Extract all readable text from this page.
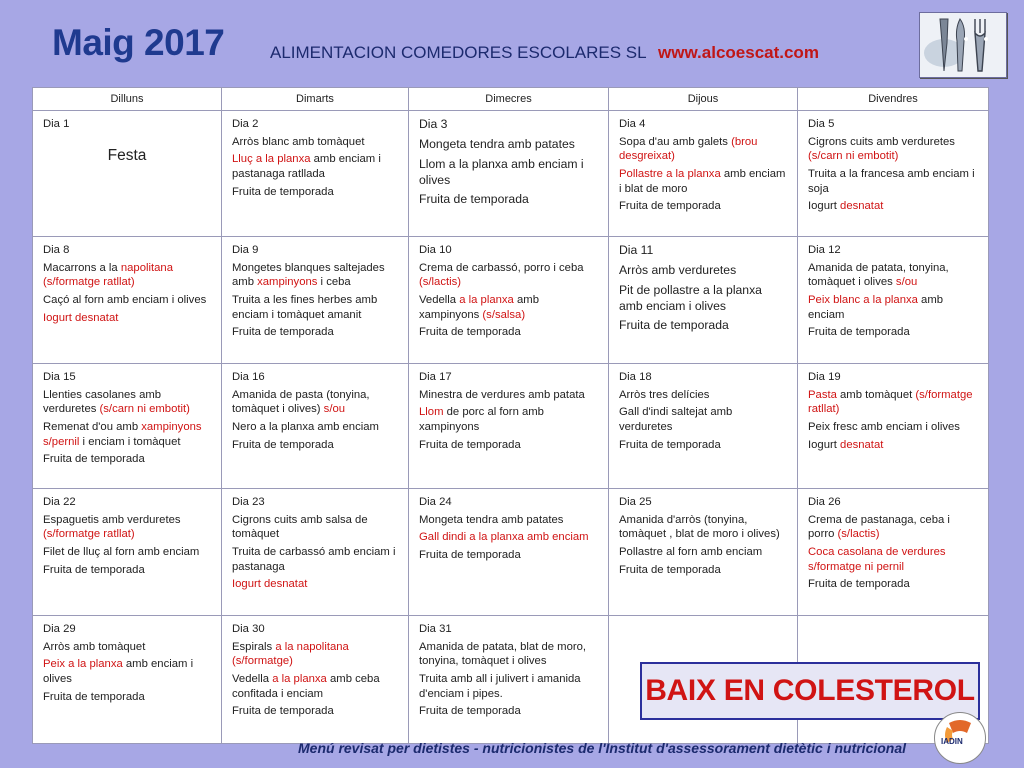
Maig 2017	ALIMENTACION COMEDORES ESCOLARES SL www.alcoescat.com
Dilluns	Dimarts	Dimecres	Dijous	Divendres

Dia 1
Festa	Dia 2
Arròs blanc amb tomàquet
Lluç a la planxa amb enciam i pastanaga ratllada
Fruita de temporada	Dia 3
Mongeta tendra amb patates
Llom a la planxa amb enciam i olives
Fruita de temporada	Dia 4
Sopa d'au amb galets (brou desgreixat)
Pollastre a la planxa amb enciam i blat de moro
Fruita de temporada	Dia 5
Cigrons cuits amb verduretes (s/carn ni embotit)
Truita a la francesa amb enciam i soja
Iogurt desnatat

Dia 8
Macarrons a la napolitana (s/formatge ratllat)
Caçó al forn amb enciam i olives
Iogurt desnatat	Dia 9
Mongetes blanques saltejades amb xampinyons i ceba
Truita a les fines herbes amb enciam i tomàquet amanit
Fruita de temporada	Dia 10
Crema de carbassó, porro i ceba (s/lactis)
Vedella a la planxa amb xampinyons (s/salsa)
Fruita de temporada	Dia 11
Arròs amb verduretes
Pit de pollastre a la planxa amb enciam i olives
Fruita de temporada	Dia 12
Amanida de patata, tonyina, tomàquet i olives s/ou
Peix blanc a la planxa amb enciam
Fruita de temporada

Dia 15
Llenties casolanes amb verduretes (s/carn ni embotit)
Remenat d'ou amb xampinyons s/pernil i enciam i tomàquet
Fruita de temporada	Dia 16
Amanida de pasta (tonyina, tomàquet i olives) s/ou
Nero a la planxa amb enciam
Fruita de temporada	Dia 17
Minestra de verdures amb patata
Llom de porc al forn amb xampinyons
Fruita de temporada	Dia 18
Arròs tres delícies
Gall d'indi saltejat amb verduretes
Fruita de temporada	Dia 19
Pasta amb tomàquet (s/formatge ratllat)
Peix fresc amb enciam i olives
Iogurt desnatat

Dia 22
Espaguetis amb verduretes (s/formatge ratllat)
Filet de lluç al forn amb enciam
Fruita de temporada	Dia 23
Cigrons cuits amb salsa de tomàquet
Truita de carbassó amb enciam i pastanaga
Iogurt desnatat	Dia 24
Mongeta tendra amb patates
Gall dindi a la planxa amb enciam
Fruita de temporada	Dia 25
Amanida d'arròs (tonyina, tomàquet , blat de moro i olives)
Pollastre al forn amb enciam
Fruita de temporada	Dia 26
Crema de pastanaga, ceba i porro (s/lactis)
Coca casolana de verdures s/formatge ni pernil
Fruita de temporada

Dia 29
Arròs amb tomàquet
Peix a la planxa amb enciam i olives
Fruita de temporada	Dia 30
Espirals a la napolitana (s/formatge)
Vedella a la planxa amb ceba confitada i enciam
Fruita de temporada	Dia 31
Amanida de patata, blat de moro, tonyina, tomàquet i olives
Truita amb all i julivert i amanida d'enciam i pipes.
Fruita de temporada		

BAIX EN COLESTEROL
Menú revisat per dietistes - nutricionistes de l'Institut d'assessorament dietètic i nutricional	IADIN
